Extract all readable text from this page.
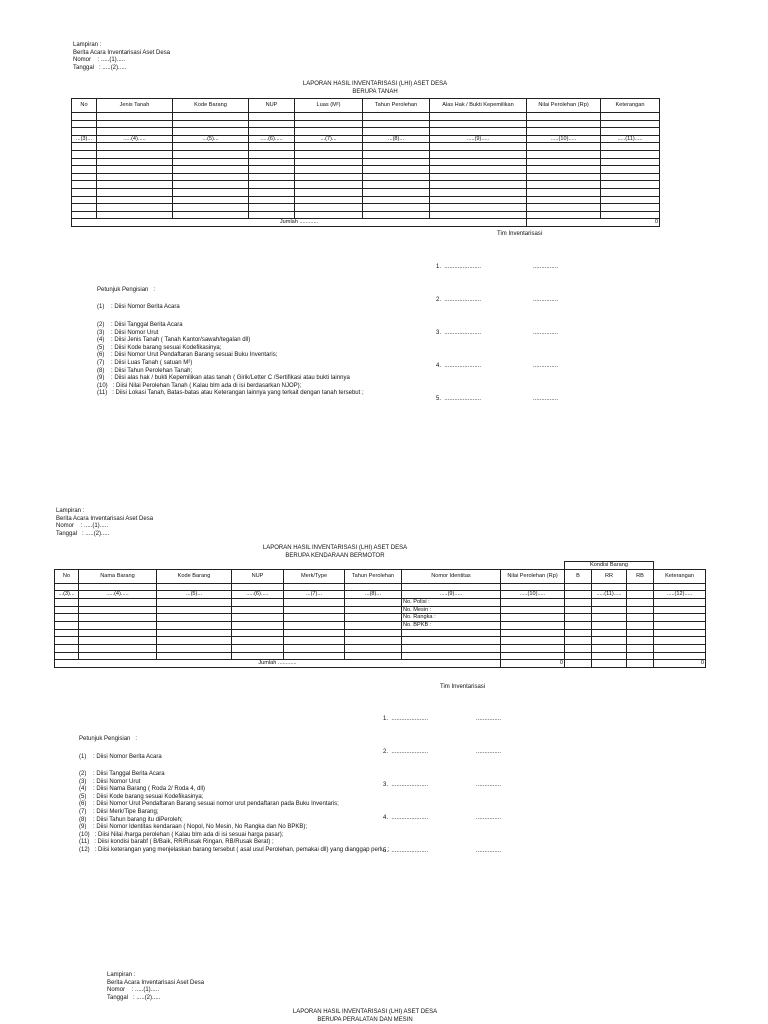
Lampiran :
Berita Acara Inventarisasi Aset Desa
Nomor    : .....(1).....
Tanggal   : .....(2).....
LAPORAN HASIL INVENTARISASI (LHI) ASET DESA
BERUPA TANAH
No	Jenis Tanah	Kode Barang	NUP	Luas (M²)	Tahun Perolehan	Alas Hak / Bukti Kepemilikan	Nilai Perolehan (Rp)	Keterangan

...(3)...	.....(4).....	...(5)...	.....(6).....	...(7)...	...(8)...	.....(9).....	.....(10).....	.....(11).....

Jumlah ............							0	
Tim Inventarisasi

1.  ......................

2.  ......................

3.  ......................

4.  ......................

5.  ......................

...............

...............

...............

...............

...............

Petunjuk Pengisian   :
(1)    : Diisi Nomor Berita Acara
(2)    : Diisi Tanggal Berita Acara
(3)    : Diisi Nomor Urut
(4)    : Diisi Jenis Tanah ( Tanah Kantor/sawah/tegalan dll)
(5)    : Diisi Kode barang sesuai Kodefikasinya;
(6)    : Diisi Nomor Urut Pendaftaran Barang sesuai Buku Inventaris;
(7)    : Diisi Luas Tanah ( satuan M²)
(8)    : Diisi Tahun Perolehan Tanah;
(9)    : Diisi alas hak / bukti Kepemilikan atas tanah ( Girik/Letter C /Sertifikasi atau bukti lainnya
(10)   : Diisi Nilai Perolehan Tanah ( Kalau blm ada di isi berdasarkan NJOP);
(11)   : Diisi Lokasi Tanah, Batas-batas atau Keterangan lainnya yang terkait dengan tanah tersebut ;
Lampiran :
Berita Acara Inventarisasi Aset Desa
Nomor    : .....(1).....
Tanggal   : .....(2).....
LAPORAN HASIL INVENTARISASI (LHI) ASET DESA
BERUPA KENDARAAN BERMOTOR
								Kondisi Barang			
No	Nama Barang	Kode Barang	NUP	Merk/Type	Tahun Perolehan	Nomor Identitas	Nilai Perolehan (Rp)	B	RR	RB	Keterangan

...(3)...	.....(4).....	...(5)...	.....(6).....	...(7)...	...(8)...	.....(9).....	.....(10).....		.....(11).....		.....(12).....
						No. Polisi :					
						No. Mesin :					
						No. Rangka :					
						No. BPKB :					

Jumlah ............							0				0
Tim Inventarisasi

1.  ......................

2.  ......................

3.  ......................

4.  ......................

5.  ......................

...............

...............

...............

...............

...............

Petunjuk Pengisian   :
(1)    : Diisi Nomor Berita Acara
(2)    : Diisi Tanggal Berita Acara
(3)    : Diisi Nomor Urut
(4)    : Diisi Nama Barang ( Roda 2/ Roda 4, dll)
(5)    : Diisi Kode barang sesuai Kodefikasinya;
(6)    : Diisi Nomor Urut Pendaftaran Barang sesuai nomor urut pendaftaran pada Buku Inventaris;
(7)    : Diisi Merk/Tipe Barang;
(8)    : Diisi Tahun barang itu diPeroleh;
(9)    : Diisi Nomor Identitas kendaraan ( Nopol, No Mesin, No Rangka dan No BPKB);
(10)   : Diisi Nilai /harga perolehan ( Kalau blm ada di isi sesuai harga pasar);
(11)   : Diisi kondisi barabf ( B/Baik, RR/Rusak Ringan, RB/Rusak Berat) ;
(12)   : Diisi keterangan yang menjelaskan barang tersebut ( asal usul Perolehan, pemakai dll) yang dianggap perlu; ;
Lampiran :
Berita Acara Inventarisasi Aset Desa
Nomor    : .....(1).....
Tanggal   : .....(2).....
LAPORAN HASIL INVENTARISASI (LHI) ASET DESA
BERUPA PERALATAN DAN MESIN
